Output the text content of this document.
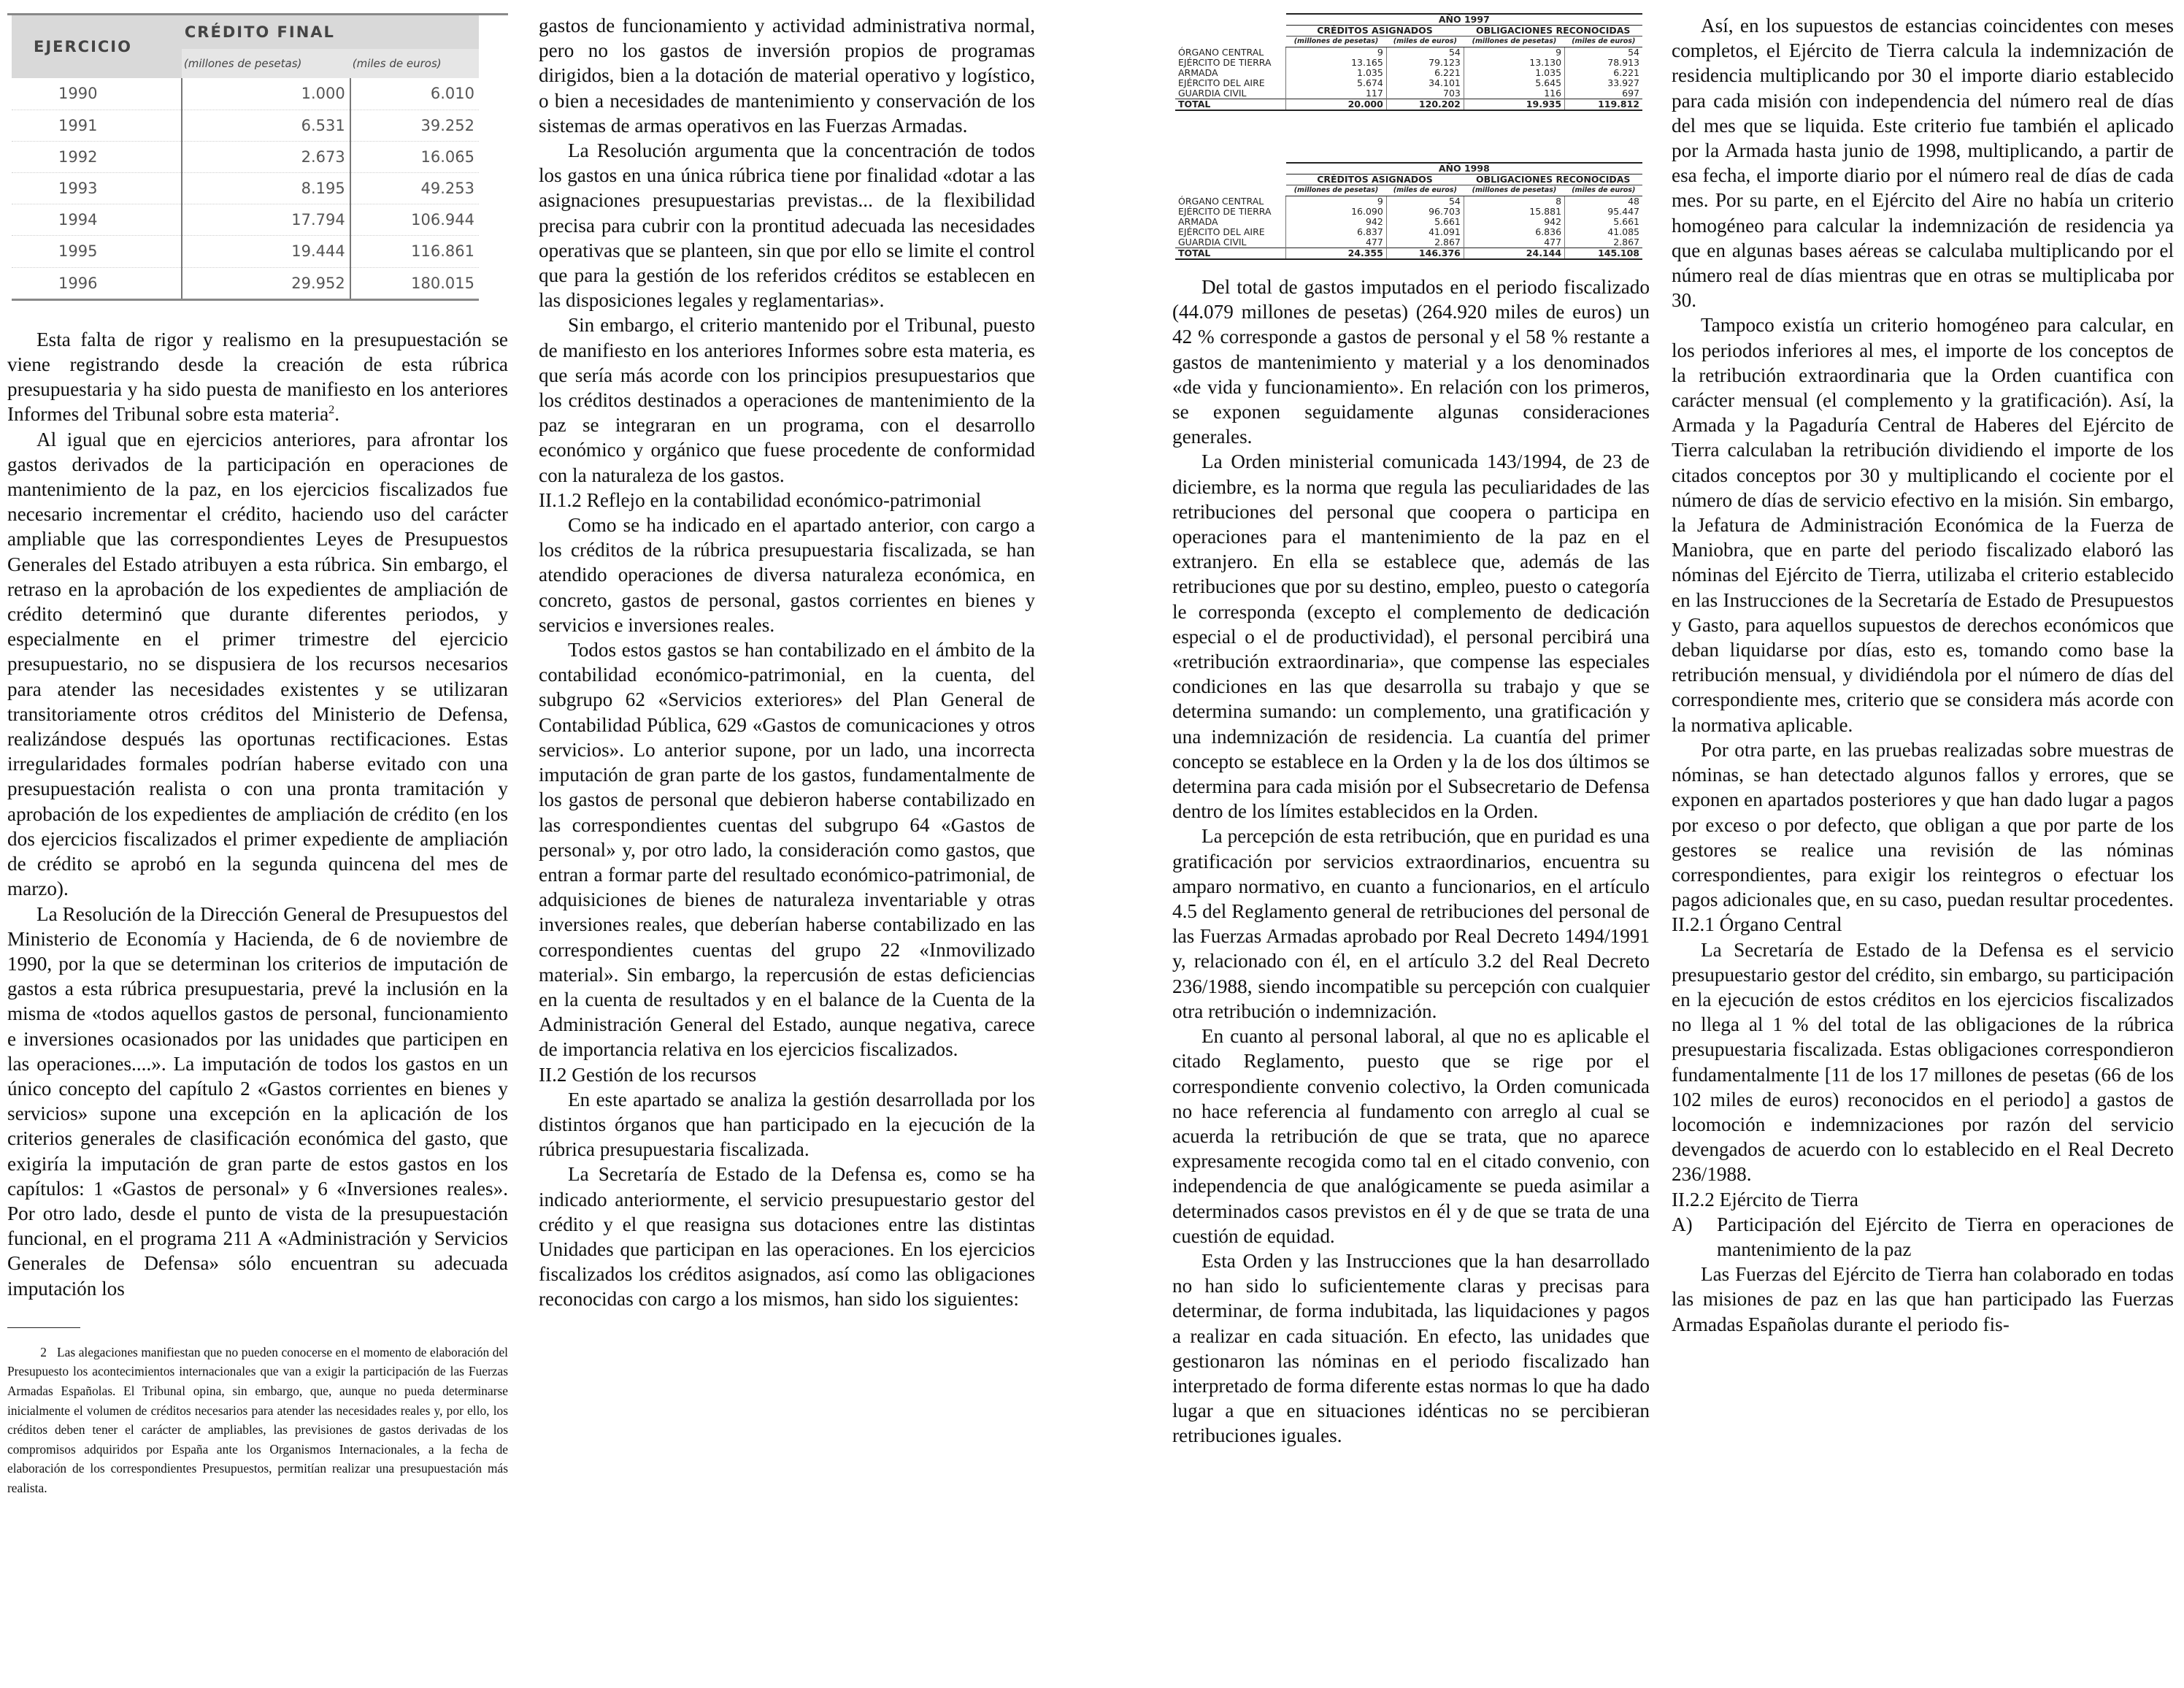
EJERCICIO	CRÉDITO FINAL	
	(millones de pesetas)	(miles de euros)
1990	1.000	6.010
1991	6.531	39.252
1992	2.673	16.065
1993	8.195	49.253
1994	17.794	106.944
1995	19.444	116.861
1996	29.952	180.015

Esta falta de rigor y realismo en la presupuestación se viene registrando desde la creación de esta rúbrica presupuestaria y ha sido puesta de manifiesto en los anteriores Informes del Tribunal sobre esta materia$^2$.

Al igual que en ejercicios anteriores, para afrontar los gastos derivados de la participación en operaciones de mantenimiento de la paz, en los ejercicios fiscalizados fue necesario incrementar el crédito, haciendo uso del carácter ampliable que las correspondientes Leyes de Presupuestos Generales del Estado atribuyen a esta rúbrica. Sin embargo, el retraso en la aprobación de los expedientes de ampliación de crédito determinó que durante diferentes periodos, y especialmente en el primer trimestre del ejercicio presupuestario, no se dispusiera de los recursos necesarios para atender las necesidades existentes y se utilizaran transitoriamente otros créditos del Ministerio de Defensa, realizándose después las oportunas rectificaciones. Estas irregularidades formales podrían haberse evitado con una presupuestación realista o con una pronta tramitación y aprobación de los expedientes de ampliación de crédito (en los dos ejercicios fiscalizados el primer expediente de ampliación de crédito se aprobó en la segunda quincena del mes de marzo).

La Resolución de la Dirección General de Presupuestos del Ministerio de Economía y Hacienda, de 6 de noviembre de 1990, por la que se determinan los criterios de imputación de gastos a esta rúbrica presupuestaria, prevé la inclusión en la misma de «todos aquellos gastos de personal, funcionamiento e inversiones ocasionados por las unidades que participen en las operaciones....». La imputación de todos los gastos en un único concepto del capítulo 2 «Gastos corrientes en bienes y servicios» supone una excepción en la aplicación de los criterios generales de clasificación económica del gasto, que exigiría la imputación de gran parte de estos gastos en los capítulos: 1 «Gastos de personal» y 6 «Inversiones reales». Por otro lado, desde el punto de vista de la presupuestación funcional, en el programa 211 A «Administración y Servicios Generales de Defensa» sólo encuentran su adecuada imputación los

2 Las alegaciones manifiestan que no pueden conocerse en el momento de elaboración del Presupuesto los acontecimientos internacionales que van a exigir la participación de las Fuerzas Armadas Españolas. El Tribunal opina, sin embargo, que, aunque no pueda determinarse inicialmente el volumen de créditos necesarios para atender las necesidades reales y, por ello, los créditos deben tener el carácter de ampliables, las previsiones de gastos derivadas de los compromisos adquiridos por España ante los Organismos Internacionales, a la fecha de elaboración de los correspondientes Presupuestos, permitían realizar una presupuestación más realista.

gastos de funcionamiento y actividad administrativa normal, pero no los gastos de inversión propios de programas dirigidos, bien a la dotación de material operativo y logístico, o bien a necesidades de mantenimiento y conservación de los sistemas de armas operativos en las Fuerzas Armadas.

La Resolución argumenta que la concentración de todos los gastos en una única rúbrica tiene por finalidad «dotar a las asignaciones presupuestarias previstas... de la flexibilidad precisa para cubrir con la prontitud adecuada las necesidades operativas que se planteen, sin que por ello se limite el control que para la gestión de los referidos créditos se establecen en las disposiciones legales y reglamentarias».

Sin embargo, el criterio mantenido por el Tribunal, puesto de manifiesto en los anteriores Informes sobre esta materia, es que sería más acorde con los principios presupuestarios que los créditos destinados a operaciones de mantenimiento de la paz se integraran en un programa, con el desarrollo económico y orgánico que fuese procedente de conformidad con la naturaleza de los gastos.

II.1.2 Reflejo en la contabilidad económico-patrimonial

Como se ha indicado en el apartado anterior, con cargo a los créditos de la rúbrica presupuestaria fiscalizada, se han atendido operaciones de diversa naturaleza económica, en concreto, gastos de personal, gastos corrientes en bienes y servicios e inversiones reales.

Todos estos gastos se han contabilizado en el ámbito de la contabilidad económico-patrimonial, en la cuenta, del subgrupo 62 «Servicios exteriores» del Plan General de Contabilidad Pública, 629 «Gastos de comunicaciones y otros servicios». Lo anterior supone, por un lado, una incorrecta imputación de gran parte de los gastos, fundamentalmente de los gastos de personal que debieron haberse contabilizado en las correspondientes cuentas del subgrupo 64 «Gastos de personal» y, por otro lado, la consideración como gastos, que entran a formar parte del resultado económico-patrimonial, de adquisiciones de bienes de naturaleza inventariable y otras inversiones reales, que deberían haberse contabilizado en las correspondientes cuentas del grupo 22 «Inmovilizado material». Sin embargo, la repercusión de estas deficiencias en la cuenta de resultados y en el balance de la Cuenta de la Administración General del Estado, aunque negativa, carece de importancia relativa en los ejercicios fiscalizados.

II.2 Gestión de los recursos

En este apartado se analiza la gestión desarrollada por los distintos órganos que han participado en la ejecución de la rúbrica presupuestaria fiscalizada.

La Secretaría de Estado de la Defensa es, como se ha indicado anteriormente, el servicio presupuestario gestor del crédito y el que reasigna sus dotaciones entre las distintas Unidades que participan en las operaciones. En los ejercicios fiscalizados los créditos asignados, así como las obligaciones reconocidas con cargo a los mismos, han sido los siguientes:

	AÑO 1997			
	CRÉDITOS ASIGNADOS		OBLIGACIONES RECONOCIDAS	
	(millones de pesetas)	(miles de euros)	(millones de pesetas)	(miles de euros)
ÓRGANO CENTRAL	9	54	9	54
EJÉRCITO DE TIERRA	13.165	79.123	13.130	78.913
ARMADA	1.035	6.221	1.035	6.221
EJÉRCITO DEL AIRE	5.674	34.101	5.645	33.927
GUARDIA CIVIL	117	703	116	697
TOTAL	20.000	120.202	19.935	119.812
	AÑO 1998			
	CRÉDITOS ASIGNADOS		OBLIGACIONES RECONOCIDAS	
	(millones de pesetas)	(miles de euros)	(millones de pesetas)	(miles de euros)
ÓRGANO CENTRAL	9	54	8	48
EJÉRCITO DE TIERRA	16.090	96.703	15.881	95.447
ARMADA	942	5.661	942	5.661
EJÉRCITO DEL AIRE	6.837	41.091	6.836	41.085
GUARDIA CIVIL	477	2.867	477	2.867
TOTAL	24.355	146.376	24.144	145.108

Del total de gastos imputados en el periodo fiscalizado (44.079 millones de pesetas) (264.920 miles de euros) un 42 % corresponde a gastos de personal y el 58 % restante a gastos de mantenimiento y material y a los denominados «de vida y funcionamiento». En relación con los primeros, se exponen seguidamente algunas consideraciones generales.

La Orden ministerial comunicada 143/1994, de 23 de diciembre, es la norma que regula las peculiaridades de las retribuciones del personal que coopera o participa en operaciones para el mantenimiento de la paz en el extranjero. En ella se establece que, además de las retribuciones que por su destino, empleo, puesto o categoría le corresponda (excepto el complemento de dedicación especial o el de productividad), el personal percibirá una «retribución extraordinaria», que compense las especiales condiciones en las que desarrolla su trabajo y que se determina sumando: un complemento, una gratificación y una indemnización de residencia. La cuantía del primer concepto se establece en la Orden y la de los dos últimos se determina para cada misión por el Subsecretario de Defensa dentro de los límites establecidos en la Orden.

La percepción de esta retribución, que en puridad es una gratificación por servicios extraordinarios, encuentra su amparo normativo, en cuanto a funcionarios, en el artículo 4.5 del Reglamento general de retribuciones del personal de las Fuerzas Armadas aprobado por Real Decreto 1494/1991 y, relacionado con él, en el artículo 3.2 del Real Decreto 236/1988, siendo incompatible su percepción con cualquier otra retribución o indemnización.

En cuanto al personal laboral, al que no es aplicable el citado Reglamento, puesto que se rige por el correspondiente convenio colectivo, la Orden comunicada no hace referencia al fundamento con arreglo al cual se acuerda la retribución de que se trata, que no aparece expresamente recogida como tal en el citado convenio, con independencia de que analógicamente se pueda asimilar a determinados casos previstos en él y de que se trata de una cuestión de equidad.

Esta Orden y las Instrucciones que la han desarrollado no han sido lo suficientemente claras y precisas para determinar, de forma indubitada, las liquidaciones y pagos a realizar en cada situación. En efecto, las unidades que gestionaron las nóminas en el periodo fiscalizado han interpretado de forma diferente estas normas lo que ha dado lugar a que en situaciones idénticas no se percibieran retribuciones iguales.

Así, en los supuestos de estancias coincidentes con meses completos, el Ejército de Tierra calcula la indemnización de residencia multiplicando por 30 el importe diario establecido para cada misión con independencia del número real de días del mes que se liquida. Este criterio fue también el aplicado por la Armada hasta junio de 1998, multiplicando, a partir de esa fecha, el importe diario por el número real de días de cada mes. Por su parte, en el Ejército del Aire no había un criterio homogéneo para calcular la indemnización de residencia ya que en algunas bases aéreas se calculaba multiplicando por el número real de días mientras que en otras se multiplicaba por 30.

Tampoco existía un criterio homogéneo para calcular, en los periodos inferiores al mes, el importe de los conceptos de la retribución extraordinaria que la Orden cuantifica con carácter mensual (el complemento y la gratificación). Así, la Armada y la Pagaduría Central de Haberes del Ejército de Tierra calculaban la retribución dividiendo el importe de los citados conceptos por 30 y multiplicando el cociente por el número de días de servicio efectivo en la misión. Sin embargo, la Jefatura de Administración Económica de la Fuerza de Maniobra, que en parte del periodo fiscalizado elaboró las nóminas del Ejército de Tierra, utilizaba el criterio establecido en las Instrucciones de la Secretaría de Estado de Presupuestos y Gasto, para aquellos supuestos de derechos económicos que deban liquidarse por días, esto es, tomando como base la retribución mensual, y dividiéndola por el número de días del correspondiente mes, criterio que se considera más acorde con la normativa aplicable.

Por otra parte, en las pruebas realizadas sobre muestras de nóminas, se han detectado algunos fallos y errores, que se exponen en apartados posteriores y que han dado lugar a pagos por exceso o por defecto, que obligan a que por parte de los gestores se realice una revisión de las nóminas correspondientes, para exigir los reintegros o efectuar los pagos adicionales que, en su caso, puedan resultar procedentes.

II.2.1 Órgano Central

La Secretaría de Estado de la Defensa es el servicio presupuestario gestor del crédito, sin embargo, su participación en la ejecución de estos créditos en los ejercicios fiscalizados no llega al 1 % del total de las obligaciones de la rúbrica presupuestaria fiscalizada. Estas obligaciones correspondieron fundamentalmente [11 de los 17 millones de pesetas (66 de los 102 miles de euros) reconocidos en el periodo] a gastos de locomoción e indemnizaciones por razón del servicio devengados de acuerdo con lo establecido en el Real Decreto 236/1988.

II.2.2 Ejército de Tierra

A) Participación del Ejército de Tierra en operaciones de mantenimiento de la paz

Las Fuerzas del Ejército de Tierra han colaborado en todas las misiones de paz en las que han participado las Fuerzas Armadas Españolas durante el periodo fis-
